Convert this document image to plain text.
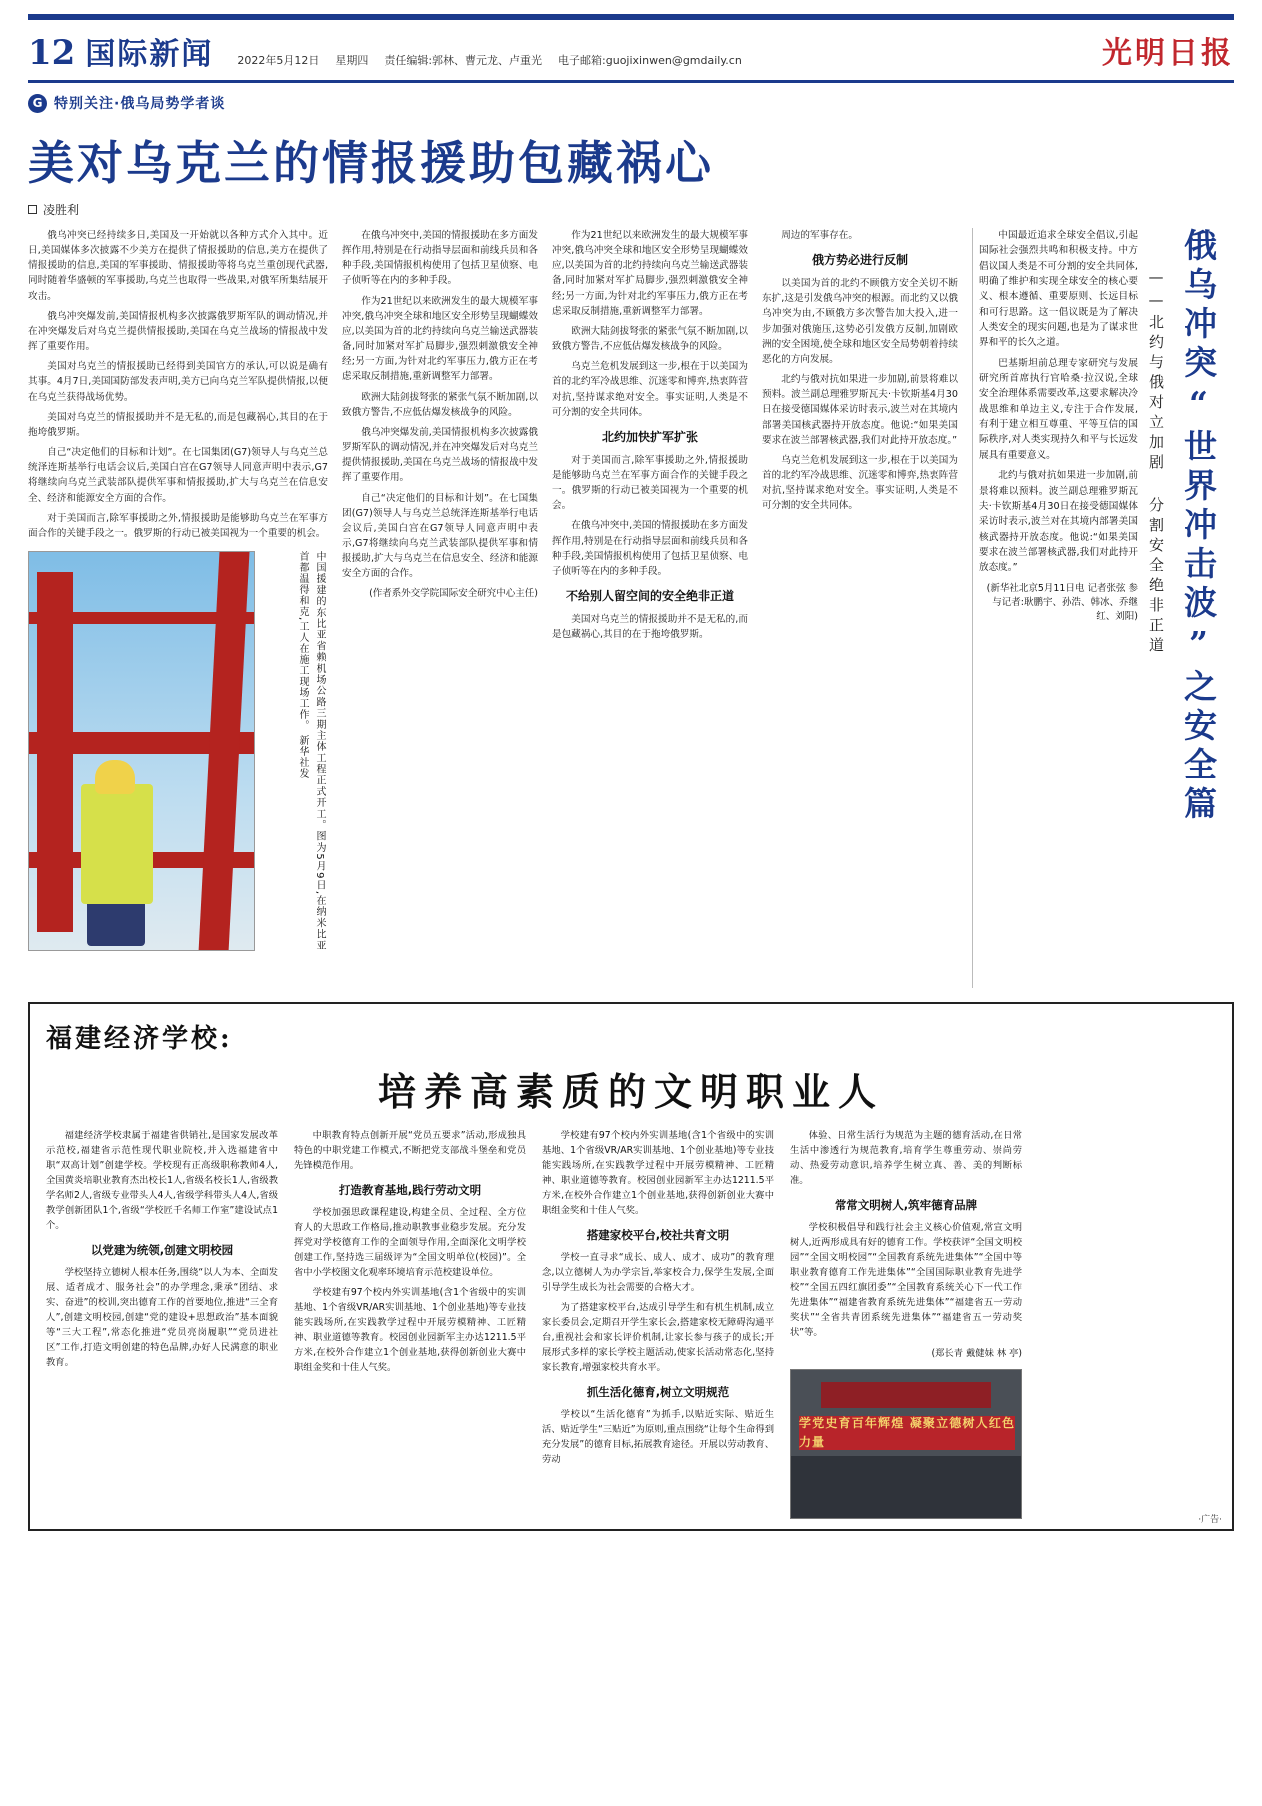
12 国际新闻 2022年5月12日 星期四 责任编辑:郭林、曹元龙、卢重光 电子邮箱:guojixinwen@gmdaily.cn	光明日报
G 特别关注·俄乌局势学者谈
美对乌克兰的情报援助包藏祸心
凌胜利

俄乌冲突已经持续多日,美国及一开始就以各种方式介入其中。近日,美国媒体多次披露不少美方在提供了情报援助的信息,美方在提供了情报援助的信息,美国的军事援助、情报援助等将乌克兰重创现代武器,同时随着华盛顿的军事援助,乌克兰也取得一些战果,对俄军所集结展开攻击。

俄乌冲突爆发前,美国情报机构多次披露俄罗斯军队的调动情况,并在冲突爆发后对乌克兰提供情报援助,美国在乌克兰战场的情报战中发挥了重要作用。

美国对乌克兰的情报援助已经得到美国官方的承认,可以说是确有其事。4月7日,美国国防部发表声明,美方已向乌克兰军队提供情报,以便在乌克兰获得战场优势。

美国对乌克兰的情报援助并不是无私的,而是包藏祸心,其目的在于拖垮俄罗斯。

自己“决定他们的目标和计划”。在七国集团(G7)领导人与乌克兰总统泽连斯基举行电话会议后,美国白宫在G7领导人同意声明中表示,G7将继续向乌克兰武装部队提供军事和情报援助,扩大与乌克兰在信息安全、经济和能源安全方面的合作。

对于美国而言,除军事援助之外,情报援助是能够助乌克兰在军事方面合作的关键手段之一。俄罗斯的行动已被美国视为一个重要的机会。

中国援建的东比亚省赖机场公路三期主体工程正式开工。图为5月9日,在纳米比亚首都温得和克,工人在施工现场工作。 新华社发

在俄乌冲突中,美国的情报援助在多方面发挥作用,特别是在行动指导层面和前线兵员和各种手段,美国情报机构使用了包括卫星侦察、电子侦听等在内的多种手段。

作为21世纪以来欧洲发生的最大规模军事冲突,俄乌冲突全球和地区安全形势呈现蝴蝶效应,以美国为首的北约持续向乌克兰输送武器装备,同时加紧对军扩局脚步,强烈刺激俄安全神经;另一方面,为针对北约军事压力,俄方正在考虑采取反制措施,重新调整军力部署。

欧洲大陆剑拔弩张的紧张气氛不断加剧,以致俄方警告,不应低估爆发核战争的风险。

俄乌冲突爆发前,美国情报机构多次披露俄罗斯军队的调动情况,并在冲突爆发后对乌克兰提供情报援助,美国在乌克兰战场的情报战中发挥了重要作用。

自己“决定他们的目标和计划”。在七国集团(G7)领导人与乌克兰总统泽连斯基举行电话会议后,美国白宫在G7领导人同意声明中表示,G7将继续向乌克兰武装部队提供军事和情报援助,扩大与乌克兰在信息安全、经济和能源安全方面的合作。

(作者系外交学院国际安全研究中心主任)

作为21世纪以来欧洲发生的最大规模军事冲突,俄乌冲突全球和地区安全形势呈现蝴蝶效应,以美国为首的北约持续向乌克兰输送武器装备,同时加紧对军扩局脚步,强烈刺激俄安全神经;另一方面,为针对北约军事压力,俄方正在考虑采取反制措施,重新调整军力部署。

欧洲大陆剑拔弩张的紧张气氛不断加剧,以致俄方警告,不应低估爆发核战争的风险。

乌克兰危机发展到这一步,根在于以美国为首的北约军冷战思维、沉迷零和博弈,热衷阵营对抗,坚持谋求绝对安全。事实证明,人类是不可分割的安全共同体。

北约加快扩军扩张

对于美国而言,除军事援助之外,情报援助是能够助乌克兰在军事方面合作的关键手段之一。俄罗斯的行动已被美国视为一个重要的机会。

在俄乌冲突中,美国的情报援助在多方面发挥作用,特别是在行动指导层面和前线兵员和各种手段,美国情报机构使用了包括卫星侦察、电子侦听等在内的多种手段。

不给别人留空间的安全绝非正道

美国对乌克兰的情报援助并不是无私的,而是包藏祸心,其目的在于拖垮俄罗斯。

周边的军事存在。

俄方势必进行反制

以美国为首的北约不顾俄方安全关切不断东扩,这是引发俄乌冲突的根源。而北约又以俄乌冲突为由,不顾俄方多次警告加大投入,进一步加强对俄施压,这势必引发俄方反制,加剧欧洲的安全困境,使全球和地区安全局势朝着持续恶化的方向发展。

北约与俄对抗如果进一步加剧,前景将难以预料。波兰副总理雅罗斯瓦夫·卡钦斯基4月30日在接受德国媒体采访时表示,波兰对在其境内部署美国核武器持开放态度。他说:“如果美国要求在波兰部署核武器,我们对此持开放态度。”

乌克兰危机发展到这一步,根在于以美国为首的北约军冷战思维、沉迷零和博弈,热衷阵营对抗,坚持谋求绝对安全。事实证明,人类是不可分割的安全共同体。	俄乌冲突“世界冲击波”之安全篇
——北约与俄对立加剧 分割安全绝非正道

中国最近追求全球安全倡议,引起国际社会强烈共鸣和积极支持。中方倡议国人类是不可分割的安全共同体,明确了维护和实现全球安全的核心要义、根本遵循、重要原则、长远目标和可行思路。这一倡议既是为了解决人类安全的现实问题,也是为了谋求世界和平的长久之道。

巴基斯坦前总理专家研究与发展研究所首席执行官哈桑·拉汉说,全球安全治理体系需要改革,这要求解决冷战思维和单边主义,专注于合作发展,有利于建立相互尊重、平等互信的国际秩序,对人类实现持久和平与长远发展具有重要意义。

北约与俄对抗如果进一步加剧,前景将难以预料。波兰副总理雅罗斯瓦夫·卡钦斯基4月30日在接受德国媒体采访时表示,波兰对在其境内部署美国核武器持开放态度。他说:“如果美国要求在波兰部署核武器,我们对此持开放态度。”

(新华社北京5月11日电 记者张弦 参与记者:耿鹏宇、孙浩、韩冰、乔继红、刘阳)
福建经济学校:
培养高素质的文明职业人

福建经济学校隶属于福建省供销社,是国家发展改革示范校,福建省示范性现代职业院校,并入选福建省中职“双高计划”创建学校。学校现有正高级职称教师4人,全国黄炎培职业教育杰出校长1人,省级名校长1人,省级教学名师2人,省级专业带头人4人,省级学科带头人4人,省级教学创新团队1个,省级“学校匠千名师工作室”建设试点1个。

以党建为统领,创建文明校园

学校坚持立德树人根本任务,围绕“以人为本、全面发展、适者成才、服务社会”的办学理念,秉承“团结、求实、奋进”的校训,突出德育工作的首要地位,推进“三全育人”,创建文明校园,创建“党的建设+思想政治”基本面貌等“三大工程”,常态化推进“党员亮岗履职”“党员进社区”工作,打造文明创建的特色品牌,办好人民满意的职业教育。

中职教育特点创新开展“党员五要求”活动,形成独具特色的中职党建工作模式,不断把党支部战斗堡垒和党员先锋模范作用。

打造教育基地,践行劳动文明

学校加强思政课程建设,构建全员、全过程、全方位育人的大思政工作格局,推动职教事业稳步发展。充分发挥党对学校德育工作的全面领导作用,全面深化文明学校创建工作,坚持选三届级评为“全国文明单位(校园)”。全省中小学校图文化观率环境培育示范校建设单位。

学校建有97个校内外实训基地(含1个省级中的实训基地、1个省级VR/AR实训基地、1个创业基地)等专业技能实践场所,在实践教学过程中开展劳模精神、工匠精神、职业道德等教育。校园创业园新军主办达1211.5平方米,在校外合作建立1个创业基地,获得创新创业大赛中职组金奖和十佳人气奖。

学校建有97个校内外实训基地(含1个省级中的实训基地、1个省级VR/AR实训基地、1个创业基地)等专业技能实践场所,在实践教学过程中开展劳模精神、工匠精神、职业道德等教育。校园创业园新军主办达1211.5平方米,在校外合作建立1个创业基地,获得创新创业大赛中职组金奖和十佳人气奖。

搭建家校平台,校社共育文明

学校一直寻求“成长、成人、成才、成功”的教育理念,以立德树人为办学宗旨,举家校合力,保学生发展,全面引导学生成长为社会需要的合格大才。

为了搭建家校平台,达成引导学生和有机生机制,成立家长委员会,定期召开学生家长会,搭建家校无障碍沟通平台,重视社会和家长评价机制,让家长参与孩子的成长;开展形式多样的家长学校主题活动,使家长活动常态化,坚持家长教育,增强家校共育水平。

抓生活化德育,树立文明规范

学校以“生活化德育”为抓手,以贴近实际、贴近生活、贴近学生“三贴近”为原则,重点围绕“让每个生命得到充分发展”的德育目标,拓展教育途径。开展以劳动教育、劳动

体验、日常生活行为规范为主题的德育活动,在日常生活中渗透行为规范教育,培育学生尊重劳动、崇尚劳动、热爱劳动意识,培养学生树立真、善、美的判断标准。

常常文明树人,筑牢德育品牌

学校积极倡导和践行社会主义核心价值观,常宣文明树人,近两形成具有好的德育工作。学校获评“全国文明校园”“全国文明校园”“全国教育系统先进集体”“全国中等职业教育德育工作先进集体”“全国国际职业教育先进学校”“全国五四红旗团委”“全国教育系统关心下一代工作先进集体”“福建省教育系统先进集体”“福建省五一劳动奖状”“全省共青团系统先进集体”“福建省五一劳动奖状”等。

(郑长青 戴健妹 林 亭)
学党史育百年辉煌 凝聚立德树人红色力量
·广告·
